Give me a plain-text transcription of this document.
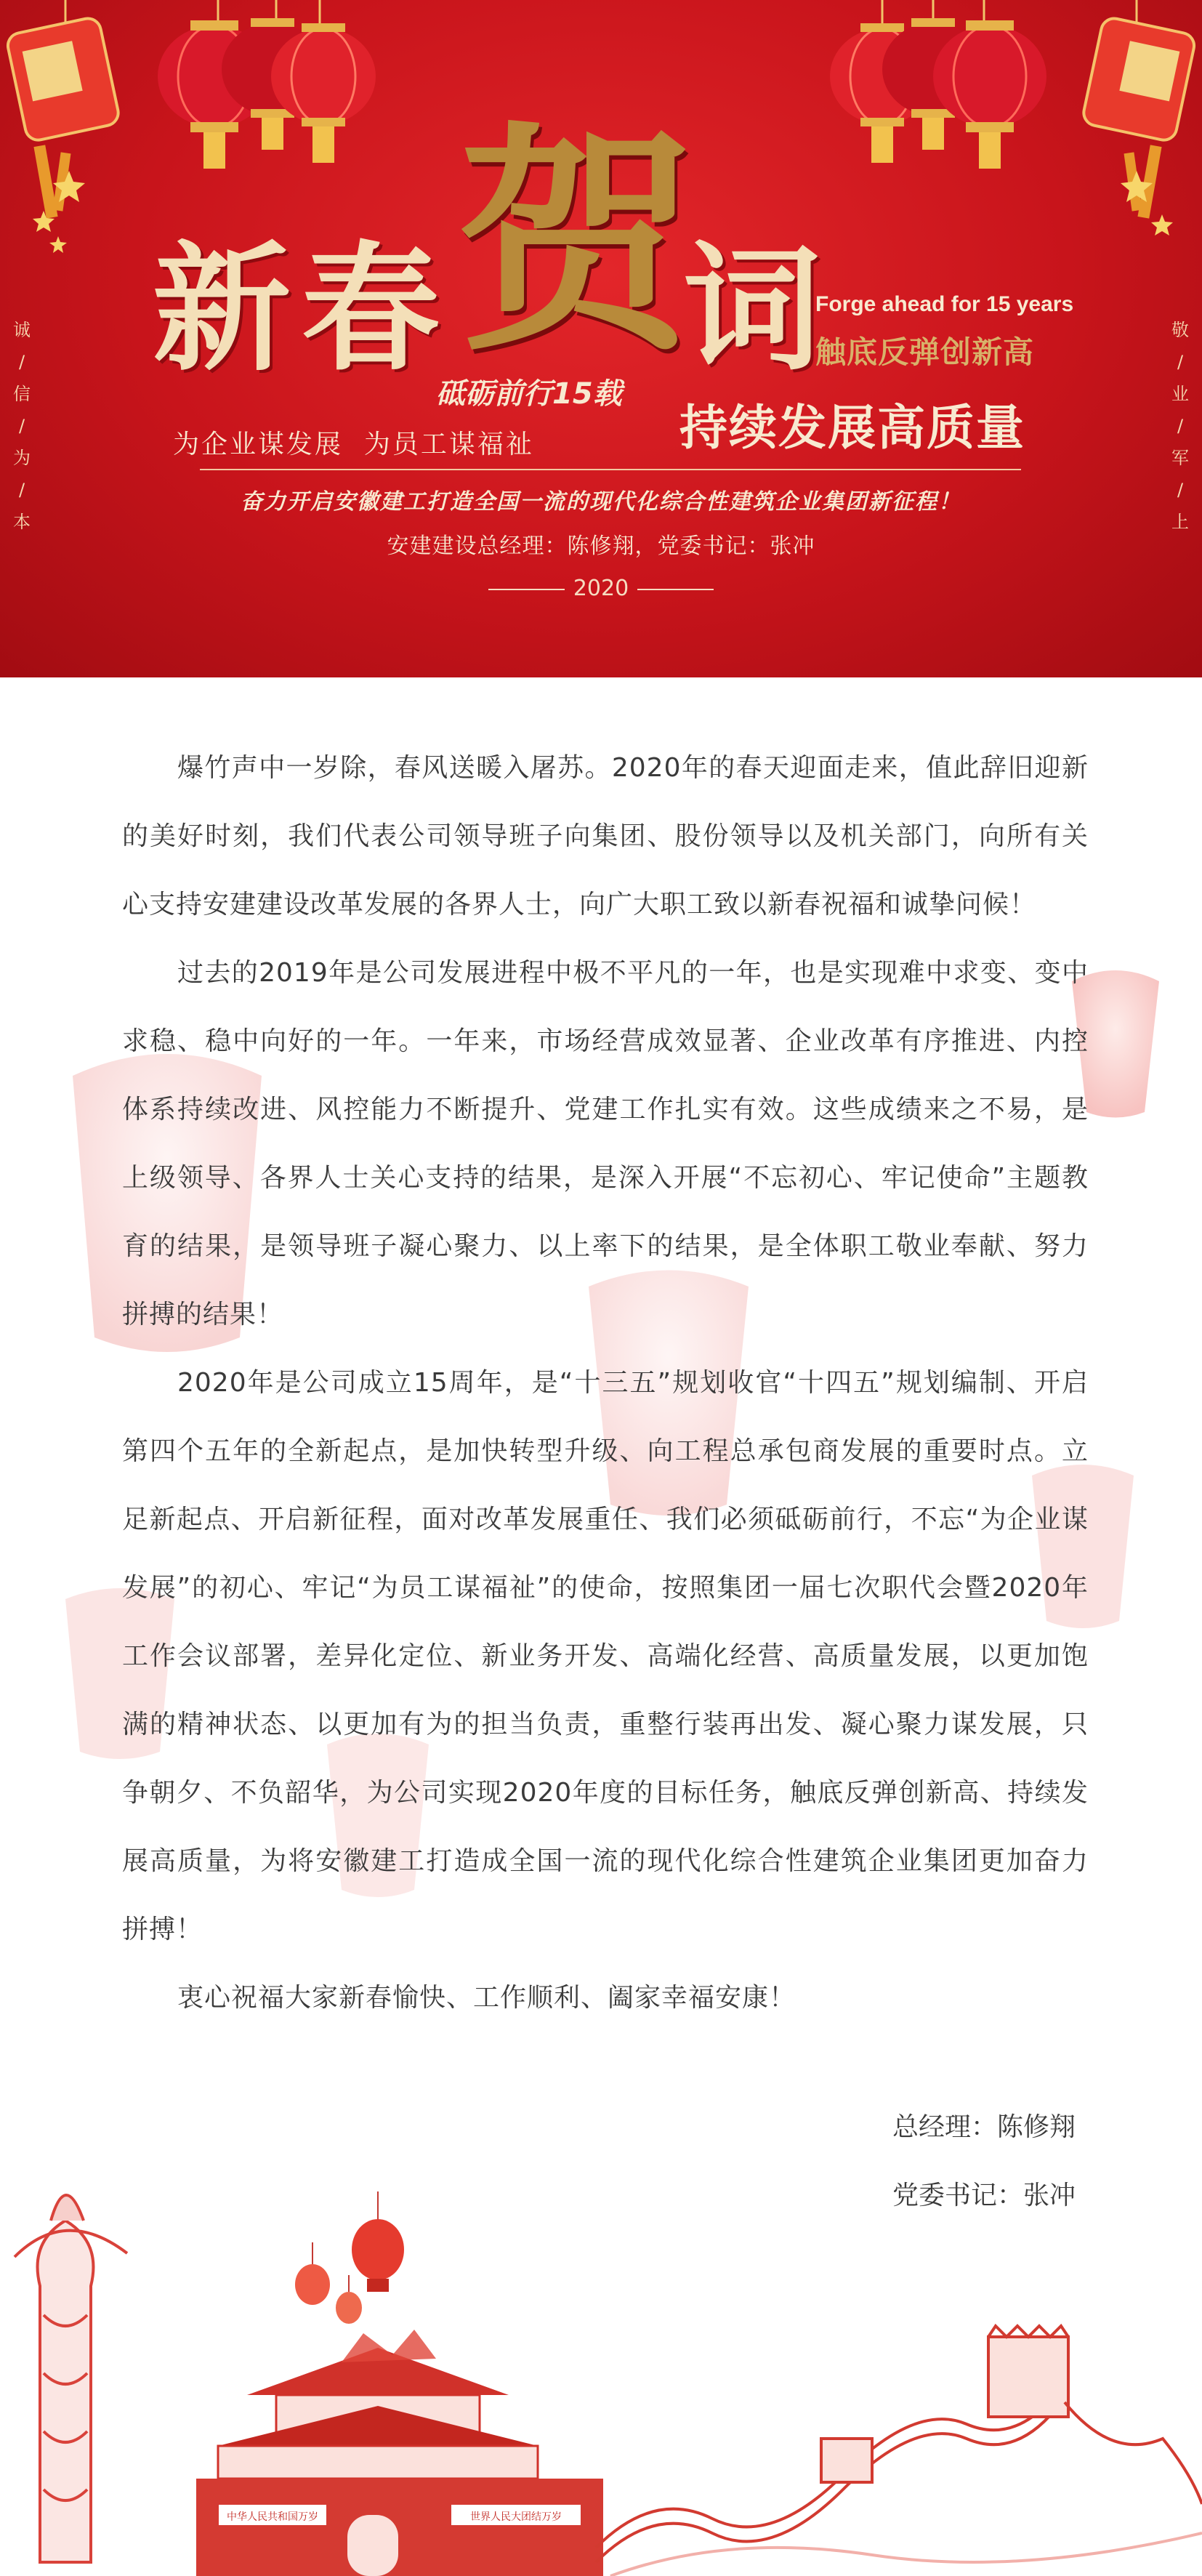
诚
/
信
/
为
/
本
敬
/
业
/
军
/
上
贺
新 春 词
Forge ahead for 15 years
触底反弹创新高
砥砺前行15载
持续发展高质量
为企业谋发展  为员工谋福祉
奋力开启安徽建工打造全国一流的现代化综合性建筑企业集团新征程！
安建建设总经理：陈修翔，党委书记：张冲
2020

爆竹声中一岁除，春风送暖入屠苏。2020年的春天迎面走来，值此辞旧迎新的美好时刻，我们代表公司领导班子向集团、股份领导以及机关部门，向所有关心支持安建建设改革发展的各界人士，向广大职工致以新春祝福和诚挚问候！

过去的2019年是公司发展进程中极不平凡的一年，也是实现难中求变、变中求稳、稳中向好的一年。一年来，市场经营成效显著、企业改革有序推进、内控体系持续改进、风控能力不断提升、党建工作扎实有效。这些成绩来之不易，是上级领导、各界人士关心支持的结果，是深入开展“不忘初心、牢记使命”主题教育的结果，是领导班子凝心聚力、以上率下的结果，是全体职工敬业奉献、努力拼搏的结果！

2020年是公司成立15周年，是“十三五”规划收官“十四五”规划编制、开启第四个五年的全新起点，是加快转型升级、向工程总承包商发展的重要时点。立足新起点、开启新征程，面对改革发展重任、我们必须砥砺前行，不忘“为企业谋发展”的初心、牢记“为员工谋福祉”的使命，按照集团一届七次职代会暨2020年工作会议部署，差异化定位、新业务开发、高端化经营、高质量发展，以更加饱满的精神状态、以更加有为的担当负责，重整行装再出发、凝心聚力谋发展，只争朝夕、不负韶华，为公司实现2020年度的目标任务，触底反弹创新高、持续发展高质量，为将安徽建工打造成全国一流的现代化综合性建筑企业集团更加奋力拼搏！

衷心祝福大家新春愉快、工作顺利、阖家幸福安康！

中华人民共和国万岁	世界人民大团结万岁
总经理：陈修翔
党委书记：张冲
